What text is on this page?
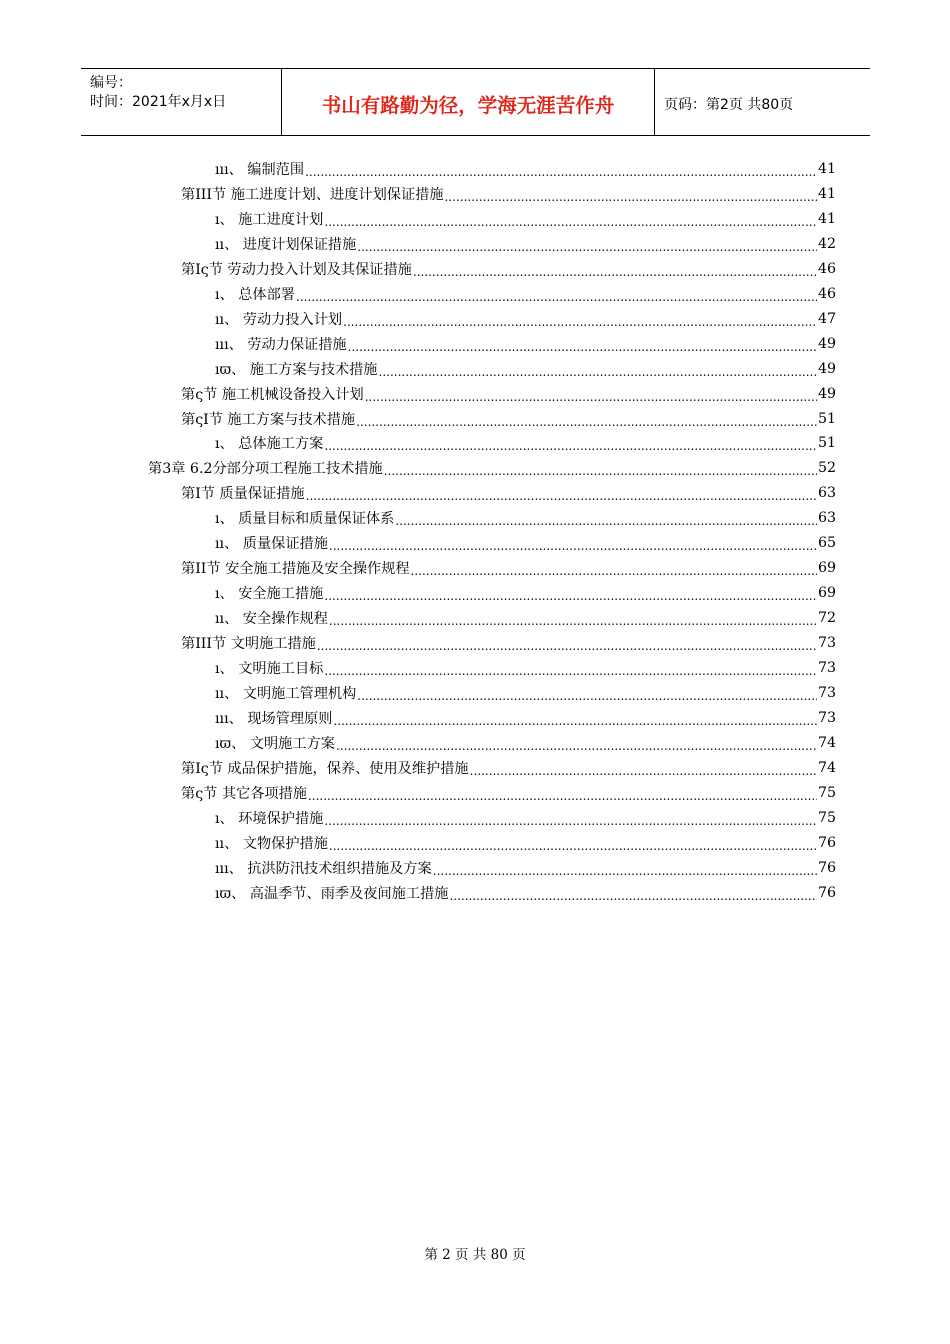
编号：
时间：2021年x月x日	书山有路勤为径，学海无涯苦作舟	页码：第2页 共80页
ııı、 编制范围 .....	41
第III节 施工进度计划、进度计划保证措施 .....	41
ı、 施工进度计划 .....	41
ıı、 进度计划保证措施 .....	42
第Iς节 劳动力投入计划及其保证措施 .....	46
ı、 总体部署 .....	46
ıı、 劳动力投入计划 .....	47
ııı、 劳动力保证措施 .....	49
ıϖ、 施工方案与技术措施 .....	49
第ς节 施工机械设备投入计划 .....	49
第ςI节 施工方案与技术措施 .....	51
ı、 总体施工方案 .....	51
第3章 6.2分部分项工程施工技术措施 .....	52
第I节 质量保证措施 .....	63
ı、 质量目标和质量保证体系 .....	63
ıı、 质量保证措施 .....	65
第II节 安全施工措施及安全操作规程 .....	69
ı、 安全施工措施 .....	69
ıı、 安全操作规程 .....	72
第III节 文明施工措施 .....	73
ı、 文明施工目标 .....	73
ıı、 文明施工管理机构 .....	73
ııı、 现场管理原则 .....	73
ıϖ、 文明施工方案 .....	74
第Iς节 成品保护措施，保养、使用及维护措施 .....	74
第ς节 其它各项措施 .....	75
ı、 环境保护措施 .....	75
ıı、 文物保护措施 .....	76
ııı、 抗洪防汛技术组织措施及方案 .....	76
ıϖ、 高温季节、雨季及夜间施工措施 .....	76
第 2 页 共 80 页
